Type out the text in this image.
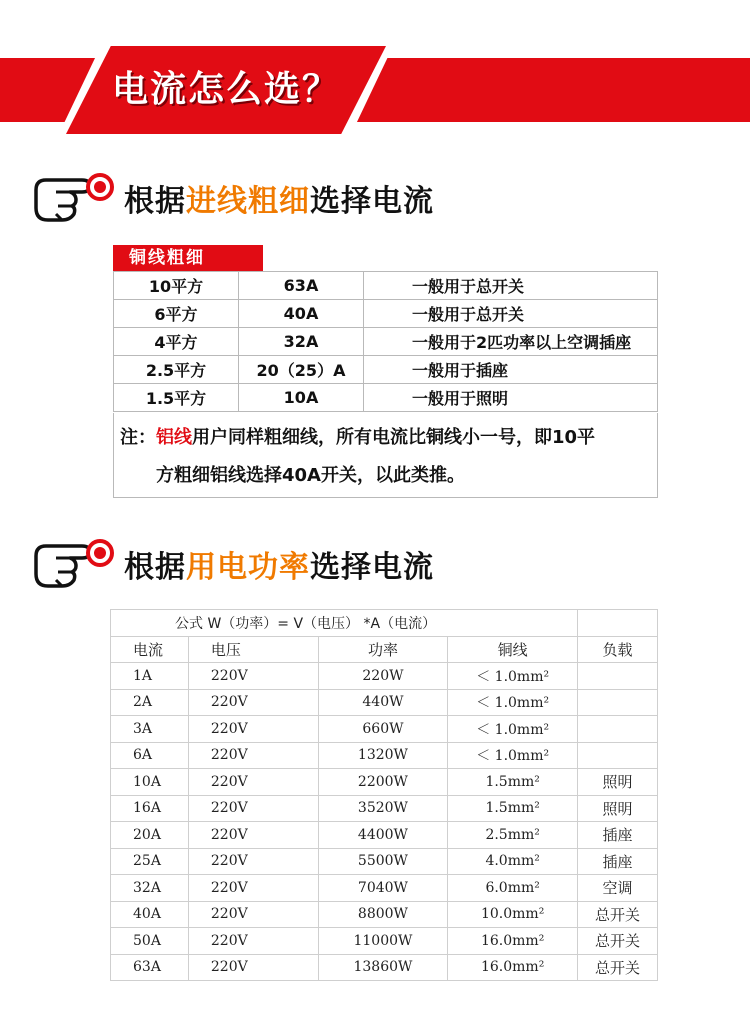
电流怎么选？
根据进线粗细选择电流
铜线粗细
10平方	63A	一般用于总开关
6平方	40A	一般用于总开关
4平方	32A	一般用于2匹功率以上空调插座
2.5平方	20（25）A	一般用于插座
1.5平方	10A	一般用于照明
注：铝线用户同样粗细线，所有电流比铜线小一号，即10平
方粗细铝线选择40A开关，以此类推。
根据用电功率选择电流
公式 W（功率）= V（电压） *A（电流）				
电流	电压	功率	铜线	负载
1A	220V	220W	＜ 1.0mm²	
2A	220V	440W	＜ 1.0mm²	
3A	220V	660W	＜ 1.0mm²	
6A	220V	1320W	＜ 1.0mm²	
10A	220V	2200W	1.5mm²	照明
16A	220V	3520W	1.5mm²	照明
20A	220V	4400W	2.5mm²	插座
25A	220V	5500W	4.0mm²	插座
32A	220V	7040W	6.0mm²	空调
40A	220V	8800W	10.0mm²	总开关
50A	220V	11000W	16.0mm²	总开关
63A	220V	13860W	16.0mm²	总开关
